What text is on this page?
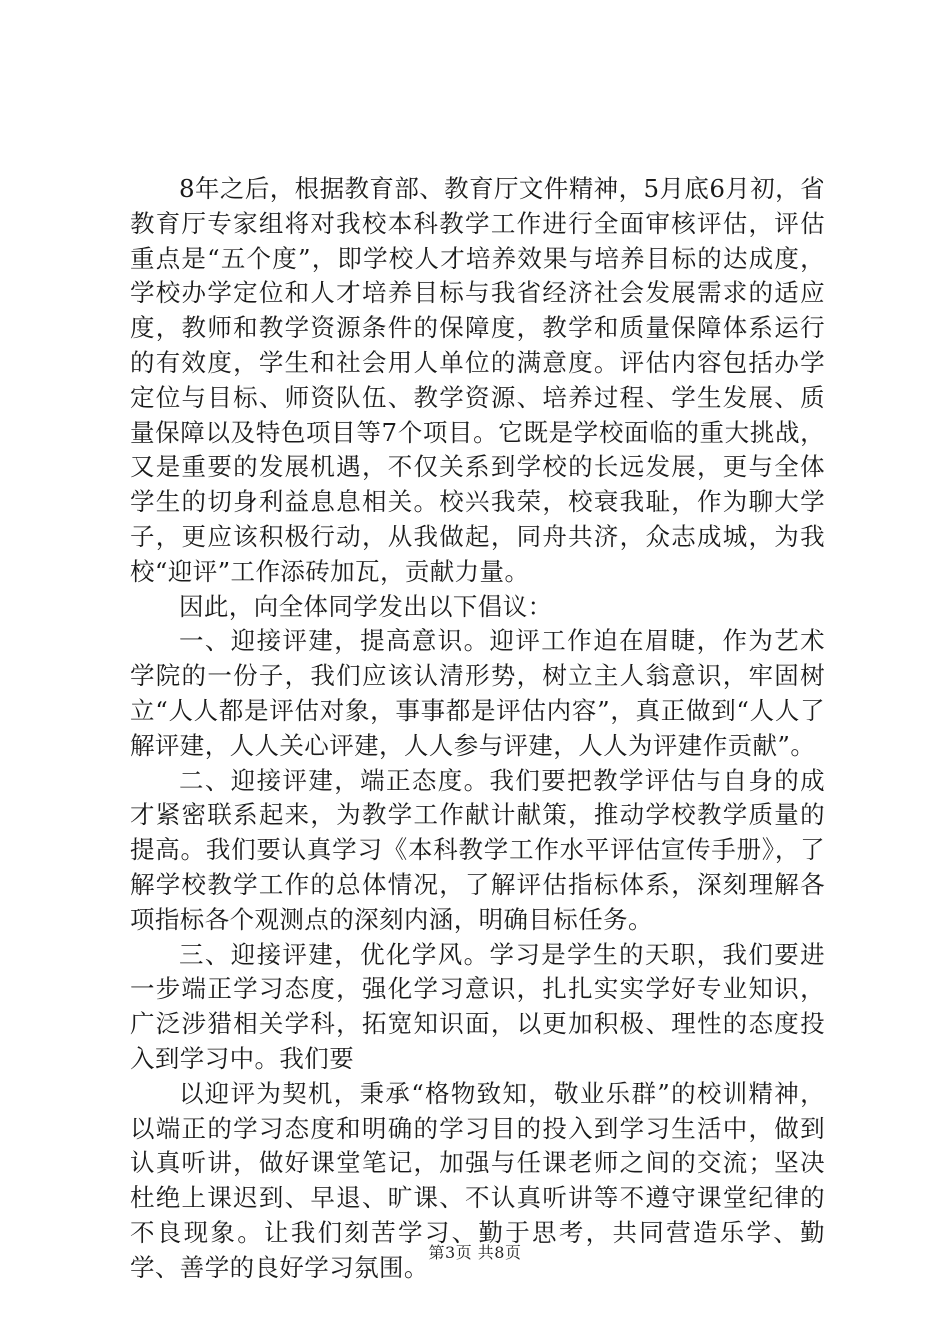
8年之后，根据教育部、教育厅文件精神，5月底6月初，省教育厅专家组将对我校本科教学工作进行全面审核评估，评估重点是“五个度”，即学校人才培养效果与培养目标的达成度，学校办学定位和人才培养目标与我省经济社会发展需求的适应度，教师和教学资源条件的保障度，教学和质量保障体系运行的有效度，学生和社会用人单位的满意度。评估内容包括办学定位与目标、师资队伍、教学资源、培养过程、学生发展、质量保障以及特色项目等7个项目。它既是学校面临的重大挑战，又是重要的发展机遇，不仅关系到学校的长远发展，更与全体学生的切身利益息息相关。校兴我荣，校衰我耻，作为聊大学子，更应该积极行动，从我做起，同舟共济，众志成城，为我校“迎评”工作添砖加瓦，贡献力量。

因此，向全体同学发出以下倡议：

一、迎接评建，提高意识。迎评工作迫在眉睫，作为艺术学院的一份子，我们应该认清形势，树立主人翁意识，牢固树立“人人都是评估对象，事事都是评估内容”，真正做到“人人了解评建，人人关心评建，人人参与评建，人人为评建作贡献”。

二、迎接评建，端正态度。我们要把教学评估与自身的成才紧密联系起来，为教学工作献计献策，推动学校教学质量的提高。我们要认真学习《本科教学工作水平评估宣传手册》，了解学校教学工作的总体情况，了解评估指标体系，深刻理解各项指标各个观测点的深刻内涵，明确目标任务。

三、迎接评建，优化学风。学习是学生的天职，我们要进一步端正学习态度，强化学习意识，扎扎实实学好专业知识，广泛涉猎相关学科，拓宽知识面，以更加积极、理性的态度投入到学习中。我们要

以迎评为契机，秉承“格物致知，敬业乐群”的校训精神，以端正的学习态度和明确的学习目的投入到学习生活中，做到认真听讲，做好课堂笔记，加强与任课老师之间的交流；坚决杜绝上课迟到、早退、旷课、不认真听讲等不遵守课堂纪律的不良现象。让我们刻苦学习、勤于思考，共同营造乐学、勤学、善学的良好学习氛围。

第3页 共8页
